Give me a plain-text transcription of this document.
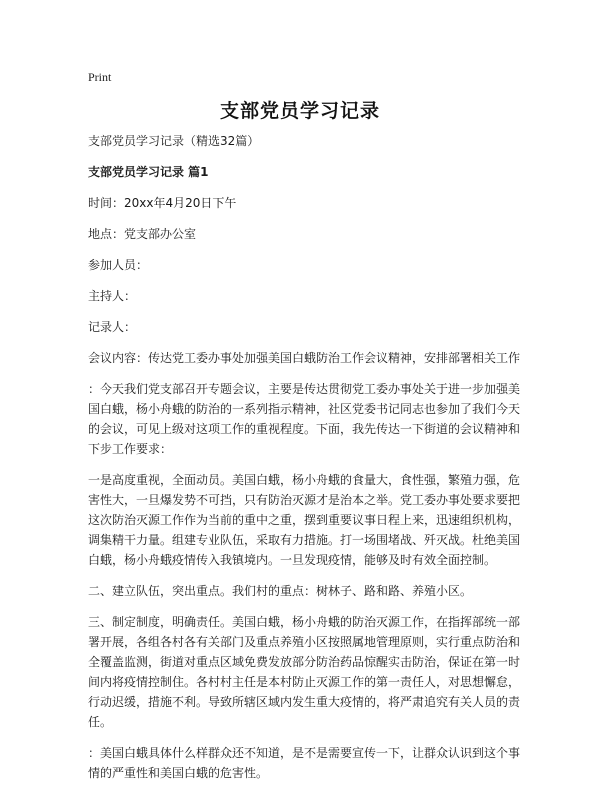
Print
支部党员学习记录

支部党员学习记录（精选32篇）

支部党员学习记录 篇1

时间：20xx年4月20日下午

地点：党支部办公室

参加人员：

主持人：

记录人：

会议内容：传达党工委办事处加强美国白蛾防治工作会议精神，安排部署相关工作

：今天我们党支部召开专题会议，主要是传达贯彻党工委办事处关于进一步加强美国白蛾，杨小舟蛾的防治的一系列指示精神，社区党委书记同志也参加了我们今天的会议，可见上级对这项工作的重视程度。下面，我先传达一下街道的会议精神和下步工作要求：

一是高度重视，全面动员。美国白蛾，杨小舟蛾的食量大，食性强，繁殖力强，危害性大，一旦爆发势不可挡，只有防治灭源才是治本之举。党工委办事处要求要把这次防治灭源工作作为当前的重中之重，摆到重要议事日程上来，迅速组织机构，调集精干力量。组建专业队伍，采取有力措施。打一场围堵战、歼灭战。杜绝美国白蛾，杨小舟蛾疫情传入我镇境内。一旦发现疫情，能够及时有效全面控制。

二、建立队伍，突出重点。我们村的重点：树林子、路和路、养殖小区。

三、制定制度，明确责任。美国白蛾，杨小舟蛾的防治灭源工作，在指挥部统一部署开展，各组各村各有关部门及重点养殖小区按照属地管理原则，实行重点防治和全覆盖监测，街道对重点区域免费发放部分防治药品惊醒实击防治，保证在第一时间内将疫情控制住。各村村主任是本村防止灭源工作的第一责任人，对思想懈怠，行动迟缓，措施不利。导致所辖区域内发生重大疫情的，将严肃追究有关人员的责任。

：美国白蛾具体什么样群众还不知道，是不是需要宣传一下，让群众认识到这个事情的严重性和美国白蛾的危害性。
